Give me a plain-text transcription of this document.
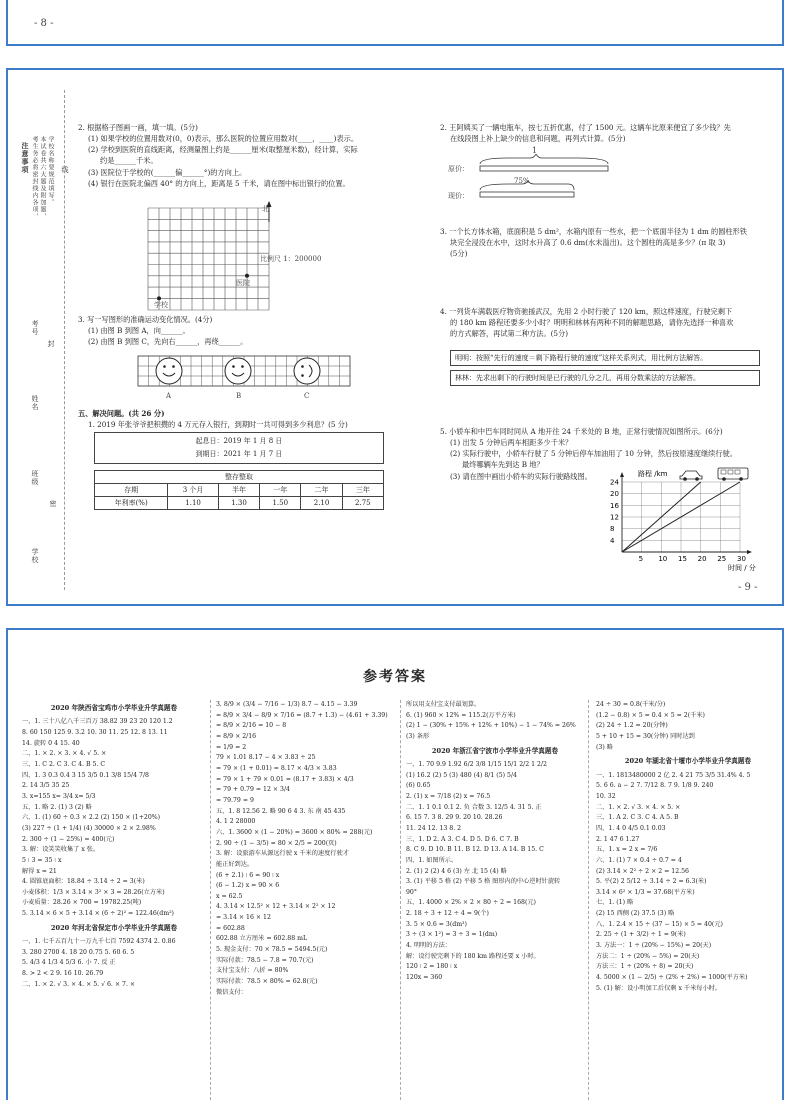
- 8 -
注意事项 考生务必将密封线内各项， 本试卷共六大题及附加题， 学校名称要规范填写。 线
考号
封
姓名
班级
密
学校
2. 根据格子图画一画，填一填。(5分)
(1) 如果学校的位置用数对(0，0)表示，那么医院的位置应用数对(____，____)表示。
(2) 学校到医院的直线距离，经测量图上约是______厘米(取整厘米数)，经计算，实际
约是______千米。
(3) 医院位于学校的(______偏______°)的方向上。
(4) 银行在医院北偏西 40° 的方向上，距离是 5 千米，请在图中标出银行的位置。
北
医院
学校
比例尺 1：200000
3. 写一写图形的准确运动变化情况。(4分)
(1) 由图 B 到图 A，向______。
(2) 由图 B 到图 C，先向右______，再绕______。
A	B	C
五、解决问题。(共 26 分)
1. 2019 年张爷爷把积攒的 4 万元存入银行，到期时一共可得到多少利息？(5 分)
起息日：2019 年 1 月 8 日
到期日：2021 年 1 月 7 日
整存整取					
存期	3 个月	半年	一年	二年	三年
年利率(%)	1.10	1.30	1.50	2.10	2.75
2. 王阿姨买了一辆电瓶车，按七五折优惠，付了 1500 元。这辆车比原来便宜了多少钱？先
在线段图上补上缺少的信息和问题，再列式计算。(5分)
1
原价：
75%
现价：
3. 一个长方体水箱，底面积是 5 dm²，水箱内原有一些水，把一个底面半径为 1 dm 的圆柱形铁
块完全浸没在水中，这时水升高了 0.6 dm(水未溢出)。这个圆柱的高是多少？(π 取 3)
(5分)
4. 一列货车满载医疗物资驰援武汉，先用 2 小时行驶了 120 km，照这样速度，行驶完剩下
的 180 km 路程还要多少小时？明明和林林有两种不同的解题思路，请你先选择一种喜欢
的方式解答，再试第二种方法。(5分)
明明：按照“先行的速度＝剩下路程行驶的速度”这样关系列式，用比例方法解答。
林林：先求出剩下的行驶时间是已行驶的几分之几，再用分数乘法的方法解答。
5. 小轿车和中巴车同时同从 A 地开往 24 千米处的 B 地，正常行驶情况如图所示。(6分)
(1) 出发 5 分钟后两车相距多少千米？
(2) 实际行驶中，小轿车行驶了 5 分钟后停车加油用了 10 分钟，然后按原速度继续行驶。
最终哪辆车先到达 B 地？
(3) 请在图中画出小轿车的实际行驶路线图。
5 10 15 20 25 30
4
8
12
16
20
24
路程 /km
时间 / 分
- 9 -
参考答案
2020 年陕西省宝鸡市小学毕业升学真题卷
一、1. 三十八亿八千三百万 38.82 39 23 20 120 1.2
8. 60 150 125 9. 3.2 10. 30 11. 25 12. 8 13. 11
14. 旋转 0 4 15. 40
二、1. × 2. × 3. × 4. √ 5. ×
三、1. C 2. C 3. C 4. B 5. C
四、1. 3 0.3 0.4 3 15 3/5 0.1 3/8 15/4 7/8
2. 14 3/5 35 25
3. x=155 x= 3/4 x= 5/3
五、1. 略 2. (1) 3 (2) 略
六、1. (1) 60 ÷ 0.3 × 2.2 (2) 150 × (1+20%)
(3) 227 ÷ (1 + 1/4) (4) 30000 × 2 × 2.98%
2. 300 ÷ (1 − 25%) = 400(元)
3. 解：设笑笑收集了 x 张。
5 ∶ 3 = 35 ∶ x
解得 x = 21
4. 圆锥底面积：18.84 ÷ 3.14 ÷ 2 = 3(米)
小麦体积：1/3 × 3.14 × 3² × 3 = 28.26(立方米)
小麦质量：28.26 × 700 = 19782.25(吨)
5. 3.14 × 6 × 5 + 3.14 × (6 ÷ 2)² = 122.46(dm²)
2020 年河北省保定市小学毕业升学真题卷
一、1. 七千五百九十一万九千七百 7592 4374 2. 0.86
3. 280 2700 4. 18 20 0.75 5. 60 6. 5
5. 4/3 4 1/3 4 5/3 6. 小 7. 反 正
8. > 2 < 2 9. 16 10. 26.79
二、1. × 2. √ 3. × 4. × 5. √ 6. × 7. ×
3. 8/9 × (3/4 − 7/16 − 1/3) 8.7 − 4.15 − 3.39
= 8/9 × 3/4 − 8/9 × 7/16 = (8.7 + 1.3) − (4.61 + 3.39)
= 8/9 × 2/16 = 10 − 8
= 8/9 × 2/16
= 1/9 = 2
79 × 1.01 8.17 − 4 × 3.83 ÷ 25
= 79 × (1 + 0.01) = 8.17 × 4/3 × 3.83
= 79 × 1 + 79 × 0.01 = (8.17 + 3.83) × 4/3
= 79 + 0.79 = 12 × 3/4
= 79.79 = 9
五、1. 8 12.56 2. 略 90 6 4 3. 东 南 45 435
4. 1 2 28000
六、1. 3600 × (1 − 20%) = 3600 × 80% = 288(元)
2. 90 ÷ (1 − 3/5) = 80 × 2/5 = 200(页)
3. 解：设旅游车从源远行驶 x 千米的速度行驶才
能正好到达。
(6 + 2.1) ∶ 6 = 90 ∶ x
(6 − 1.2) x = 90 × 6
x = 62.5
4. 3.14 × 12.5² × 12 + 3.14 × 2² × 12
= 3.14 × 16 × 12
= 602.88
602.88 立方厘米 = 602.88 mL
5. 现金支付：70 × 78.5 = 5494.5(元)
实际付款：78.5 − 7.8 = 70.7(元)
支付宝支付：八折 = 80%
实际付款：78.5 × 80% = 62.8(元)
微信支付：
所以用支付宝支付最划算。
6. (1) 960 × 12% = 115.2(万平方米)
(2) 1 − (30% + 15% + 12% + 10%) − 1 − 74% = 26%
(3) 条形
2020 年浙江省宁波市小学毕业升学真题卷
一、1. 70 9.9 1.92 6/2 3/8 1/15 15/1 2/2 1 2/2
(1) 16.2 (2) 5 (3) 480 (4) 8/1 (5) 5/4
(6) 0.65
2. (1) x = 7/18 (2) x = 76.5
二、1. 1 0.1 0.1 2. 负 合数 3. 12/5 4. 31 5. 正
6. 15 7. 3 8. 29 9. 20 10. 28.26
11. 24 12. 13 8. 2
三、1. D 2. A 3. C 4. D 5. D 6. C 7. B
8. C 9. D 10. B 11. B 12. D 13. A 14. B 15. C
四、1. 如图所示。
2. (1) 2 (2) 4 6 (3) 左 北 15 (4) 略
3. (1) 平移 5 格 (2) 平移 5 格 图形内的中心逆时针旋转
90°
五、1. 4000 × 2% × 2 × 80 ÷ 2 = 168(元)
2. 18 ÷ 3 + 12 ÷ 4 = 9(个)
3. 5 × 0.6 = 3(dm³)
3 ÷ (3 × 1²) = 3 ÷ 3 = 1(dm)
4. 明明的方法：
解：设行驶完剩下的 180 km 路程还要 x 小时。
120 ∶ 2 = 180 ∶ x
120x = 360
24 ÷ 30 = 0.8(千米/分)
(1.2 − 0.8) × 5 = 0.4 × 5 = 2(千米)
(2) 24 ÷ 1.2 = 20(分钟)
5 + 10 + 15 = 30(分钟) 同时达到
(3) 略
2020 年湖北省十堰市小学毕业升学真题卷
一、1. 1813480000 2 亿 2. 4 21 75 3/5 31.4% 4. 5
5. 6 6. a − 2 7. 7/12 8. 7 9. 1/8 9. 240
10. 32
二、1. × 2. √ 3. × 4. × 5. ×
三、1. A 2. C 3. C 4. A 5. B
四、1. 4 0 4/5 0.1 0.03
2. 1 47 6 1.27
五、1. x = 2 x = 7/6
六、1. (1) 7 × 0.4 ÷ 0.7 = 4
(2) 3.14 × 2² ÷ 2 × 2 = 12.56
5. 平(2) 2 5/12 ÷ 3.14 ÷ 2 = 6.3(米)
3.14 × 6² × 1/3 = 37.68(平方米)
七、1. (1) 略
(2) 15 西侧 (2) 37.5 (3) 略
八、1. 2.4 × 15 ÷ (37 − 15) × 5 = 40(元)
2. 25 ÷ (1 + 3/2) ÷ 1 = 9(米)
3. 方法一：1 ÷ (20% − 15%) = 20(天)
方法二：1 ÷ (20% − 5%) = 20(天)
方法三：1 ÷ (20% ÷ 8) = 20(天)
4. 5000 × (1 − 2/5) ÷ (2% + 2%) = 1000(平方米)
5. (1) 解：设小明加工后仅剩 x 千米每小时。
